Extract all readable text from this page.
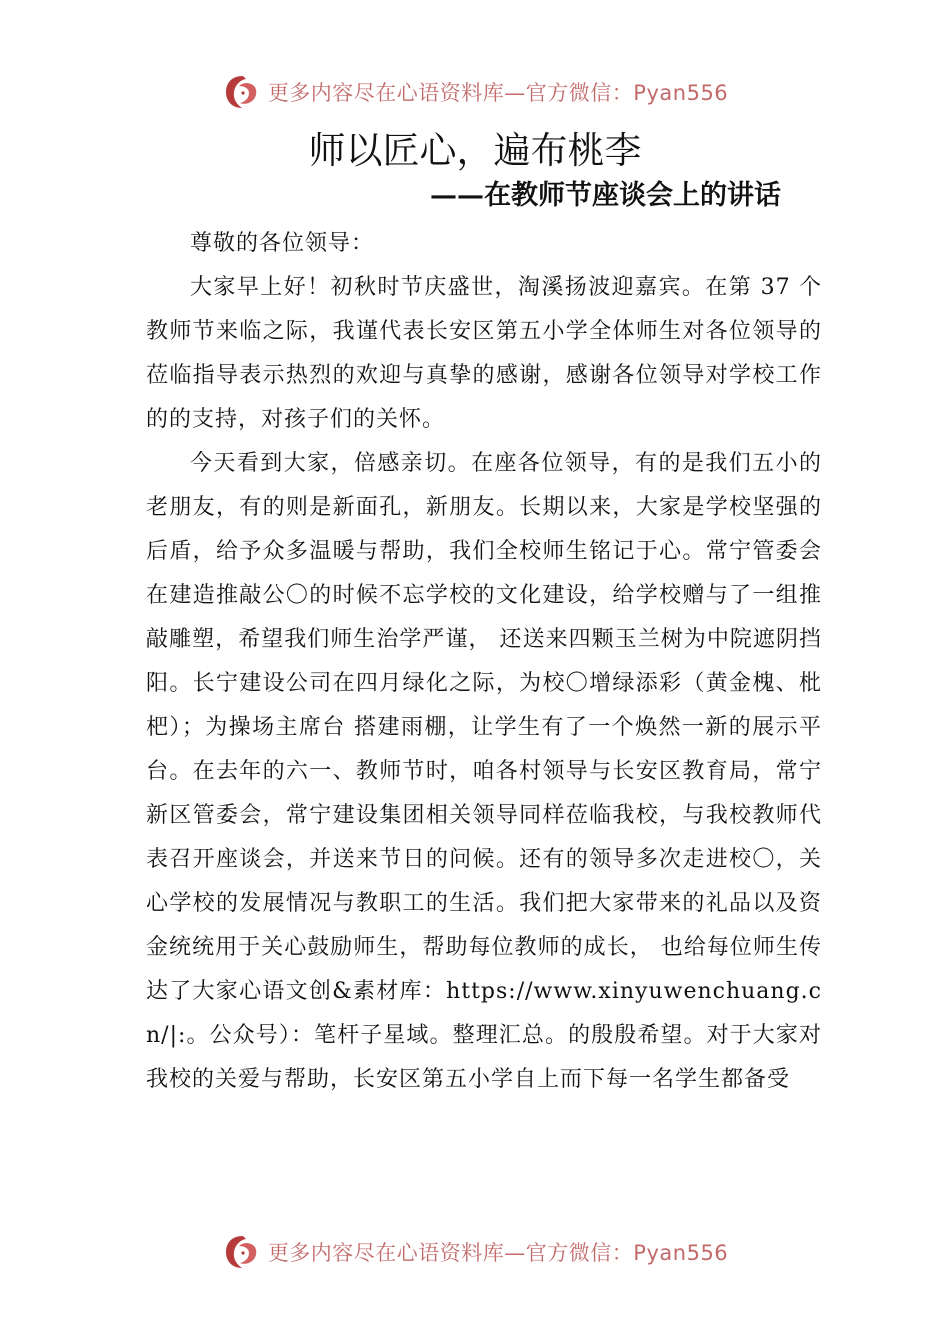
更多内容尽在心语资料库—官方微信：Pyan556
师以匠心，遍布桃李
——在教师节座谈会上的讲话

尊敬的各位领导：

大家早上好！初秋时节庆盛世，淘溪扬波迎嘉宾。在第 37 个教师节来临之际，我谨代表长安区第五小学全体师生对各位领导的莅临指导表示热烈的欢迎与真挚的感谢，感谢各位领导对学校工作的的支持，对孩子们的关怀。

今天看到大家，倍感亲切。在座各位领导，有的是我们五小的老朋友，有的则是新面孔，新朋友。长期以来，大家是学校坚强的后盾，给予众多温暖与帮助，我们全校师生铭记于心。常宁管委会在建造推敲公〇的时候不忘学校的文化建设，给学校赠与了一组推敲雕塑，希望我们师生治学严谨， 还送来四颗玉兰树为中院遮阴挡阳。长宁建设公司在四月绿化之际，为校〇增绿添彩（黄金槐、枇杷）；为操场主席台 搭建雨棚，让学生有了一个焕然一新的展示平台。在去年的六一、教师节时，咱各村领导与长安区教育局，常宁新区管委会，常宁建设集团相关领导同样莅临我校，与我校教师代表召开座谈会，并送来节日的问候。还有的领导多次走进校〇，关心学校的发展情况与教职工的生活。我们把大家带来的礼品以及资金统统用于关心鼓励师生，帮助每位教师的成长， 也给每位师生传达了大家心语文创&素材库：https://www.xinyuwenchuang.cn/|:。公众号）：笔杆子星域。整理汇总。的殷殷希望。对于大家对我校的关爱与帮助，长安区第五小学自上而下每一名学生都备受

更多内容尽在心语资料库—官方微信：Pyan556
